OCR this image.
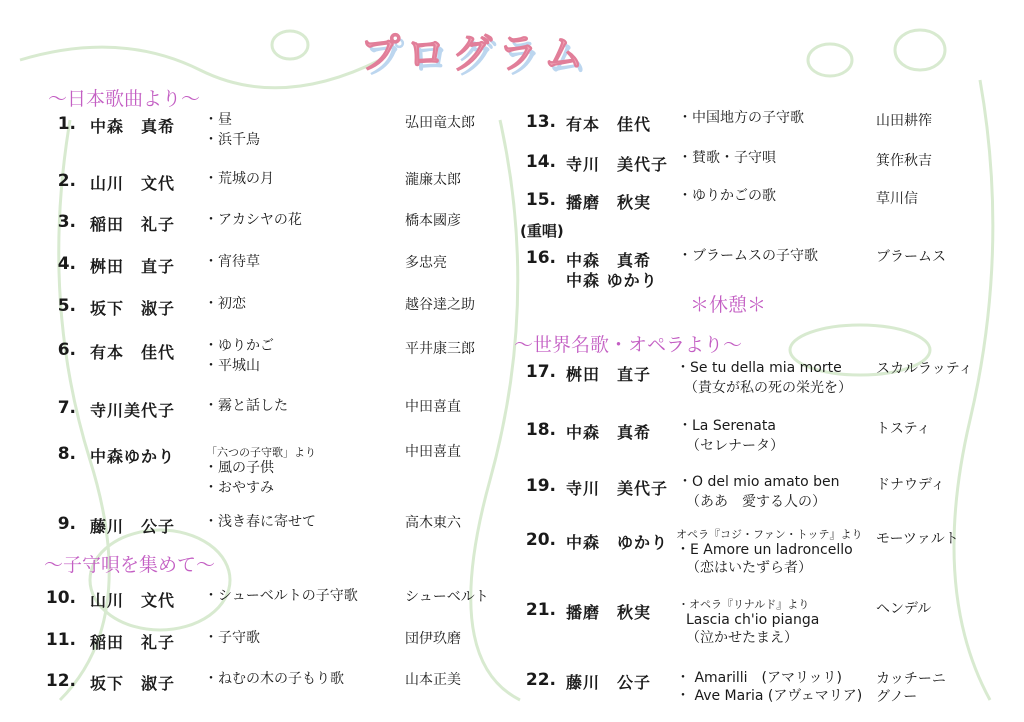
プログラム
～日本歌曲より～
～子守唄を集めて～
～世界名歌・オペラより～
＊休憩＊
(重唱)
1. 中森　真希 ・昼
・浜千鳥
弘田竜太郎
2. 山川　文代 ・荒城の月	瀧廉太郎
3. 稲田　礼子 ・アカシヤの花	橋本國彦
4. 桝田　直子 ・宵待草	多忠亮
5. 坂下　淑子 ・初恋	越谷達之助
6. 有本　佳代 ・ゆりかご
・平城山
平井康三郎
7. 寺川美代子 ・霧と話した	中田喜直
8. 中森ゆかり	「六つの子守歌」より
・風の子供
・おやすみ
中田喜直
9. 藤川　公子 ・浅き春に寄せて	高木東六
10. 山川　文代 ・シューベルトの子守歌	シューベルト
11. 稲田　礼子 ・子守歌	団伊玖磨
12. 坂下　淑子 ・ねむの木の子もり歌	山本正美
13. 有本　佳代 ・中国地方の子守歌	山田耕筰
14. 寺川　美代子 ・賛歌・子守唄	箕作秋吉
15. 播磨　秋実 ・ゆりかごの歌	草川信
16. 中森　真希
中森 ゆかり
・ブラームスの子守歌	ブラームス
17. 桝田　直子 ・Se tu della mia morte
（貴女が私の死の栄光を）
スカルラッティ
18. 中森　真希 ・La Serenata
（セレナータ）
トスティ
19. 寺川　美代子 ・O del mio amato ben
（ああ　愛する人の）
ドナウディ
20. 中森　ゆかり オペラ『コジ・ファン・トッテ』より
・E Amore un ladroncello
（恋はいたずら者）
モーツァルト
21. 播磨　秋実 ・オペラ『リナルド』より
Lascia ch'io pianga
（泣かせたまえ）
ヘンデル
22. 藤川　公子 ・ Amarilli　(アマリッリ)
・ Ave Maria (アヴェマリア)
カッチーニ
グノー
